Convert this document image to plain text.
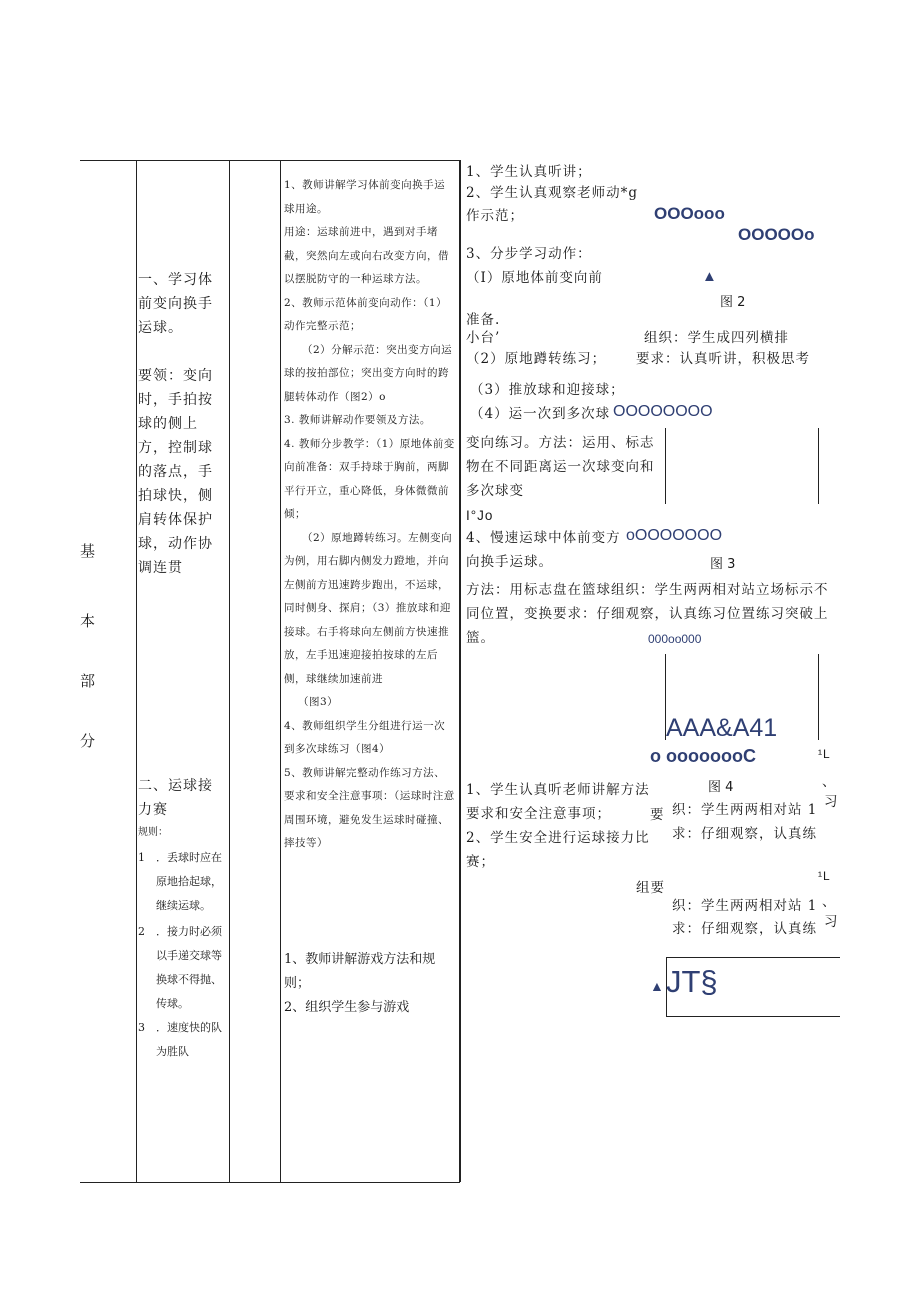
基
本
部
分
一、学习体前变向换手运球。
要领：变向时，手拍按球的侧上方，控制球的落点，手拍球快，侧肩转体保护球，动作协调连贯
二、运球接力赛
规则：
1 ．丢球时应在原地拾起球，继续运球。
2 ．接力时必须以手递交球等换球不得抛、传球。
3 ．速度快的队为胜队
1、教师讲解学习体前变向换手运球用途。
用途：运球前进中，遇到对手堵截，突然向左或向右改变方向，借以摆脱防守的一种运球方法。
2、教师示范体前变向动作：（1）动作完整示范；
（2）分解示范：突出变方向运球的按拍部位；突出变方向时的跨腿转体动作（图2）o
3. 教师讲解动作要领及方法。
4. 教师分步教学：（1）原地体前变向前准备：双手持球于胸前，两脚平行开立，重心降低，身体微微前倾；
（2）原地蹲转练习。左侧变向为例，用右脚内侧发力蹬地，并向左侧前方迅速跨步跑出，不运球，同时侧身、探肩；（3）推放球和迎接球。右手将球向左侧前方快速推放，左手迅速迎接拍按球的左后侧，球继续加速前进
（图3）
4、教师组织学生分组进行运一次到多次球练习（图4）
5、教师讲解完整动作练习方法、要求和安全注意事项：（运球时注意周围环境，避免发生运球时碰撞、摔技等）
1、教师讲解游戏方法和规则；
2、组织学生参与游戏
1、学生认真听讲；
2、学生认真观察老师动*g
作示范；
3、分步学习动作：
（I）原地体前变向前
准备.
小台’
（2）原地蹲转练习；
（3）推放球和迎接球；
（4）运一次到多次球
变向练习。方法：运用、标志物在不同距离运一次球变向和多次球变
I°Jo
4、慢速运球中体前变方
向换手运球。
方法：用标志盘在篮球组织：学生两两相对站立场标示不同位置，变换要求：仔细观察，认真练习位置练习突破上篮。
1、学生认真听老师讲解方法要求和安全注意事项；
2、学生安全进行运球接力比赛；
OOOooo
OOOOOo
▲
图 2
组织：学生成四列横排
要求：认真听讲，积极思考
OOOOOOOO
oOOOOOOO
图 3
000oo000
AAA&A41
o oooooooC
图 4
要 织：学生两两相对站 1
求：仔细观察，认真练
¹L
、
习
组要
织：学生两两相对站 1
求：仔细观察，认真练
¹L
、
习
▲ JT§
